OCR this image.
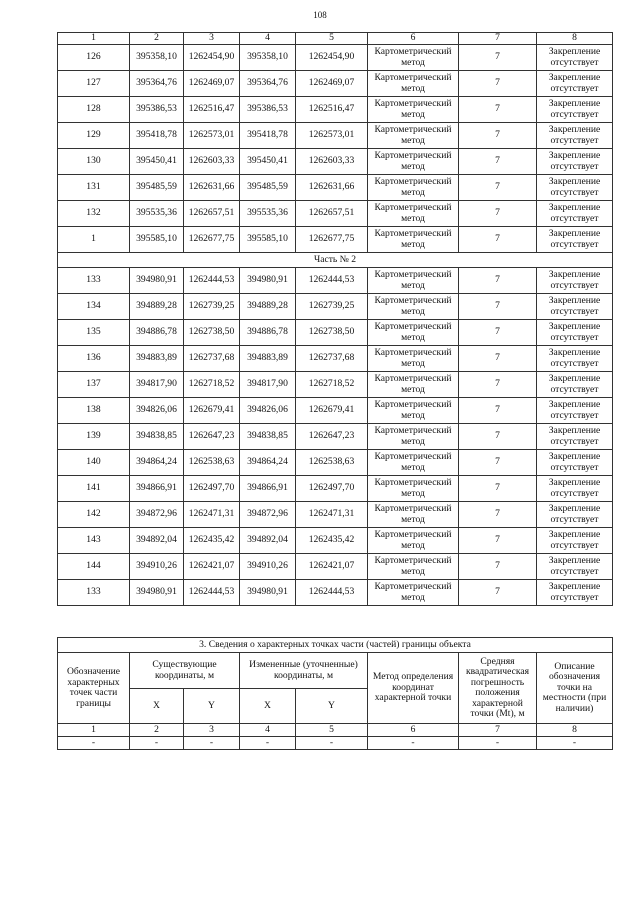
108
1	2	3	4	5	6	7	8
126	395358,10	1262454,90	395358,10	1262454,90	Картометрический метод	7	Закрепление отсутствует
127	395364,76	1262469,07	395364,76	1262469,07	Картометрический метод	7	Закрепление отсутствует
128	395386,53	1262516,47	395386,53	1262516,47	Картометрический метод	7	Закрепление отсутствует
129	395418,78	1262573,01	395418,78	1262573,01	Картометрический метод	7	Закрепление отсутствует
130	395450,41	1262603,33	395450,41	1262603,33	Картометрический метод	7	Закрепление отсутствует
131	395485,59	1262631,66	395485,59	1262631,66	Картометрический метод	7	Закрепление отсутствует
132	395535,36	1262657,51	395535,36	1262657,51	Картометрический метод	7	Закрепление отсутствует
1	395585,10	1262677,75	395585,10	1262677,75	Картометрический метод	7	Закрепление отсутствует
Часть № 2							
133	394980,91	1262444,53	394980,91	1262444,53	Картометрический метод	7	Закрепление отсутствует
134	394889,28	1262739,25	394889,28	1262739,25	Картометрический метод	7	Закрепление отсутствует
135	394886,78	1262738,50	394886,78	1262738,50	Картометрический метод	7	Закрепление отсутствует
136	394883,89	1262737,68	394883,89	1262737,68	Картометрический метод	7	Закрепление отсутствует
137	394817,90	1262718,52	394817,90	1262718,52	Картометрический метод	7	Закрепление отсутствует
138	394826,06	1262679,41	394826,06	1262679,41	Картометрический метод	7	Закрепление отсутствует
139	394838,85	1262647,23	394838,85	1262647,23	Картометрический метод	7	Закрепление отсутствует
140	394864,24	1262538,63	394864,24	1262538,63	Картометрический метод	7	Закрепление отсутствует
141	394866,91	1262497,70	394866,91	1262497,70	Картометрический метод	7	Закрепление отсутствует
142	394872,96	1262471,31	394872,96	1262471,31	Картометрический метод	7	Закрепление отсутствует
143	394892,04	1262435,42	394892,04	1262435,42	Картометрический метод	7	Закрепление отсутствует
144	394910,26	1262421,07	394910,26	1262421,07	Картометрический метод	7	Закрепление отсутствует
133	394980,91	1262444,53	394980,91	1262444,53	Картометрический метод	7	Закрепление отсутствует
3. Сведения о характерных точках части (частей) границы объекта							
Обозначение характерных точек части границы	Существующие координаты, м		Измененные (уточненные) координаты, м		Метод определения координат характерной точки	Средняя квадратическая погрешность положения характерной точки (Mt), м	Описание обозначения точки на местности (при наличии)
	X	Y	X	Y			
1	2	3	4	5	6	7	8
-	-	-	-	-	-	-	-
